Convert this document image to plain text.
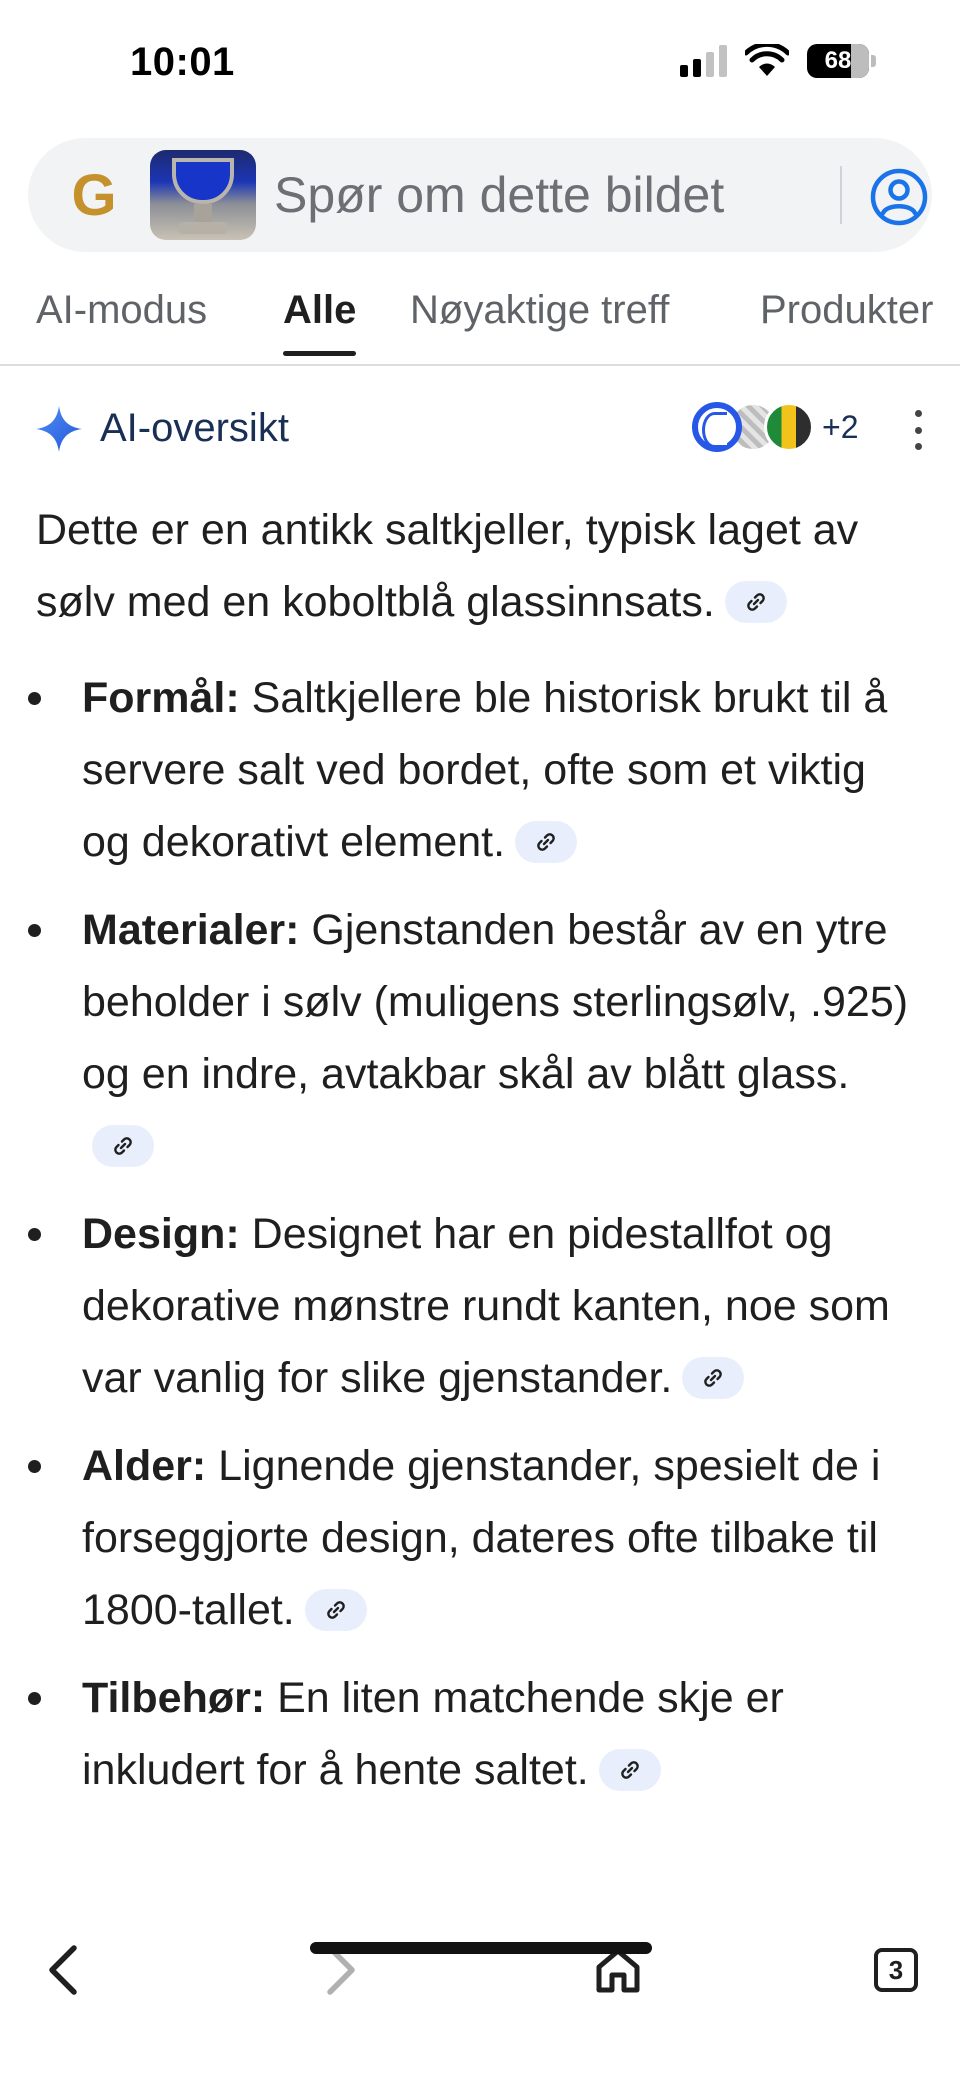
10:01	68
G	Spør om dette bildet
AI-modus Alle Nøyaktige treff Produkter
AI-oversikt	+2

Dette er en antikk saltkjeller, typisk laget av sølv med en koboltblå glassinnsats.

Formål: Saltkjellere ble historisk brukt til å servere salt ved bordet, ofte som et viktig og dekorativt element.
Materialer: Gjenstanden består av en ytre beholder i sølv (muligens sterlingsølv, .925) og en indre, avtakbar skål av blått glass.
Design: Designet har en pidestallfot og dekorative mønstre rundt kanten, noe som var vanlig for slike gjenstander.
Alder: Lignende gjenstander, spesielt de i forseggjorte design, dateres ofte tilbake til 1800-tallet.
Tilbehør: En liten matchende skje er inkludert for å hente saltet.
3
